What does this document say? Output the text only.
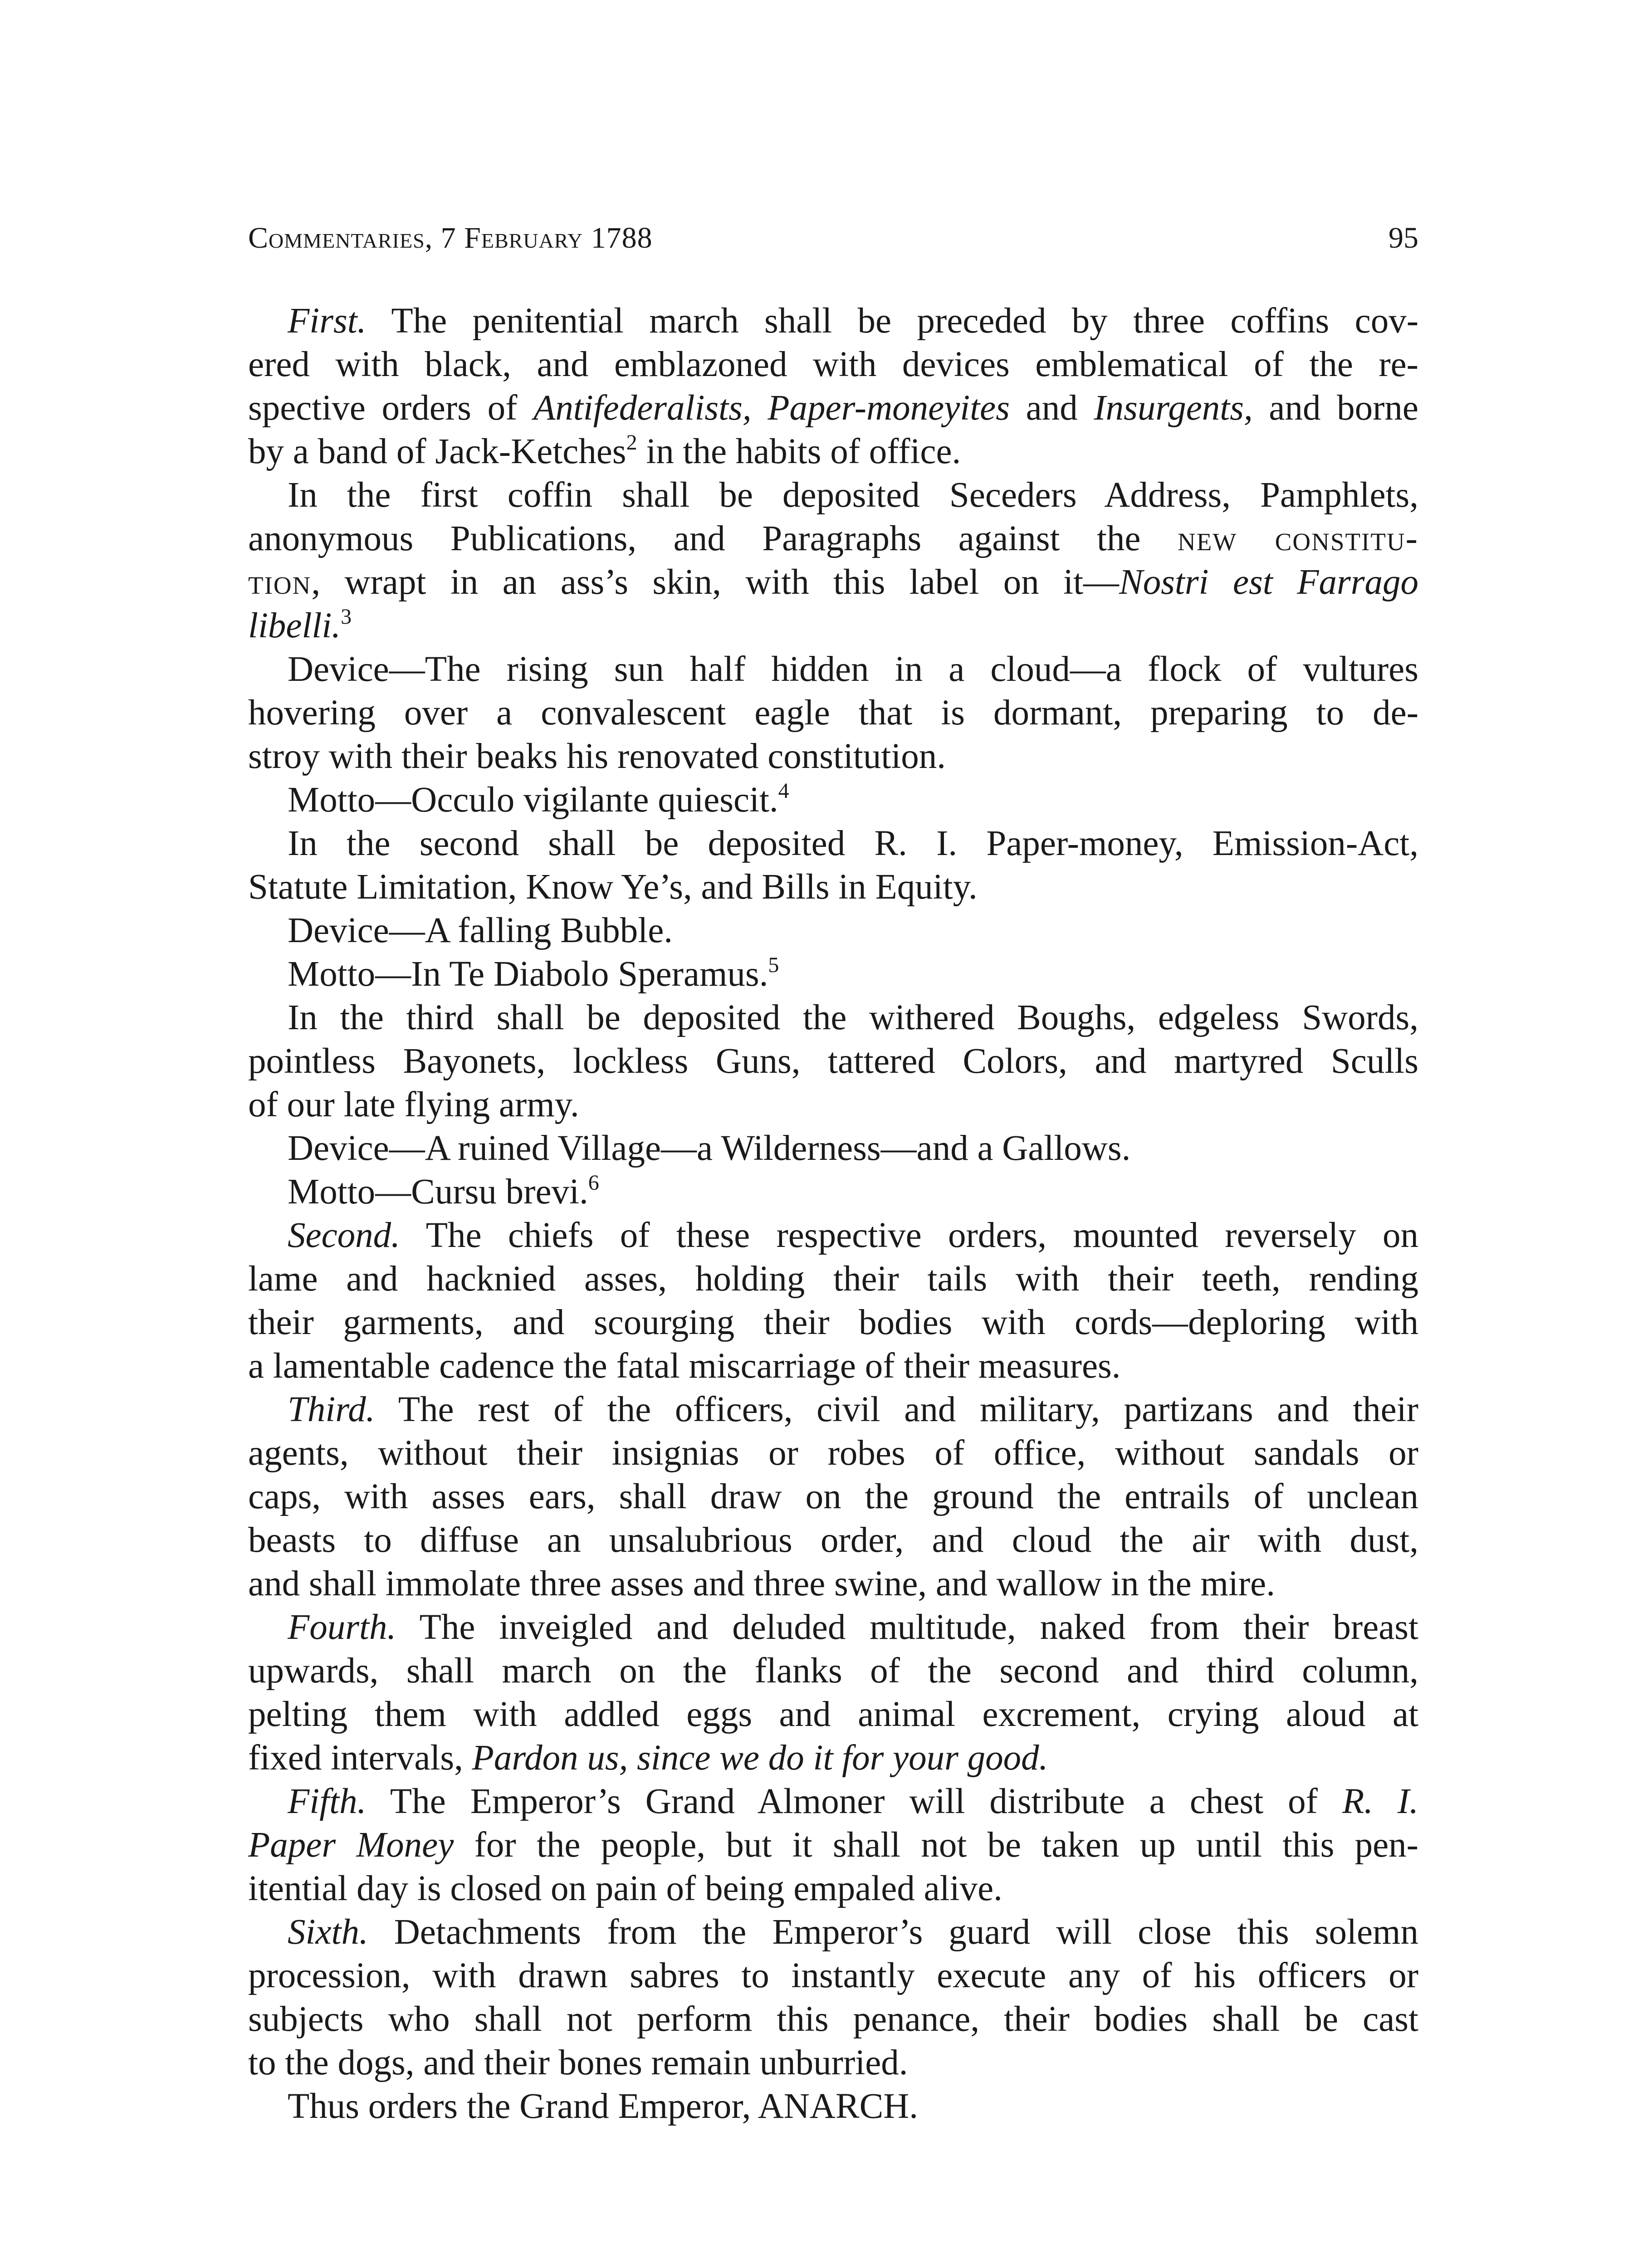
Commentaries, 7 February 1788	95
First. The penitential march shall be preceded by three coffins cov-
ered with black, and emblazoned with devices emblematical of the re-
spective orders of Antifederalists, Paper-moneyites and Insurgents, and borne
by a band of Jack-Ketches$^2$ in the habits of office.
In the first coffin shall be deposited Seceders Address, Pamphlets,
anonymous Publications, and Paragraphs against the new constitu-
tion, wrapt in an ass’s skin, with this label on it—Nostri est Farrago
libelli.$^3$
Device—The rising sun half hidden in a cloud—a flock of vultures
hovering over a convalescent eagle that is dormant, preparing to de-
stroy with their beaks his renovated constitution.
Motto—Occulo vigilante quiescit.$^4$
In the second shall be deposited R. I. Paper-money, Emission-Act,
Statute Limitation, Know Ye’s, and Bills in Equity.
Device—A falling Bubble.
Motto—In Te Diabolo Speramus.$^5$
In the third shall be deposited the withered Boughs, edgeless Swords,
pointless Bayonets, lockless Guns, tattered Colors, and martyred Sculls
of our late flying army.
Device—A ruined Village—a Wilderness—and a Gallows.
Motto—Cursu brevi.$^6$
Second. The chiefs of these respective orders, mounted reversely on
lame and hacknied asses, holding their tails with their teeth, rending
their garments, and scourging their bodies with cords—deploring with
a lamentable cadence the fatal miscarriage of their measures.
Third. The rest of the officers, civil and military, partizans and their
agents, without their insignias or robes of office, without sandals or
caps, with asses ears, shall draw on the ground the entrails of unclean
beasts to diffuse an unsalubrious order, and cloud the air with dust,
and shall immolate three asses and three swine, and wallow in the mire.
Fourth. The inveigled and deluded multitude, naked from their breast
upwards, shall march on the flanks of the second and third column,
pelting them with addled eggs and animal excrement, crying aloud at
fixed intervals, Pardon us, since we do it for your good.
Fifth. The Emperor’s Grand Almoner will distribute a chest of R. I.
Paper Money for the people, but it shall not be taken up until this pen-
itential day is closed on pain of being empaled alive.
Sixth. Detachments from the Emperor’s guard will close this solemn
procession, with drawn sabres to instantly execute any of his officers or
subjects who shall not perform this penance, their bodies shall be cast
to the dogs, and their bones remain unburried.
Thus orders the Grand Emperor, ANARCH.
